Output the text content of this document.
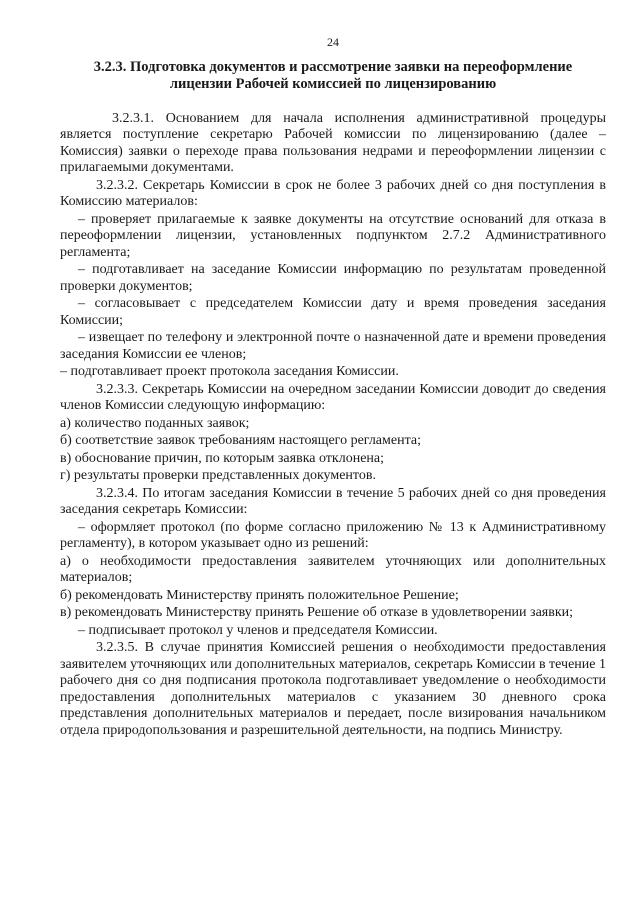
24
3.2.3. Подготовка документов и рассмотрение заявки на переоформление
лицензии Рабочей комиссией по лицензированию

3.2.3.1. Основанием для начала исполнения административной процедуры является поступление секретарю Рабочей комиссии по лицензированию (далее – Комиссия) заявки о переходе права пользования недрами и переоформлении лицензии с прилагаемыми документами.

3.2.3.2. Секретарь Комиссии в срок не более 3 рабочих дней со дня поступления в Комиссию материалов:

– проверяет прилагаемые к заявке документы на отсутствие оснований для отказа в переоформлении лицензии, установленных подпунктом 2.7.2 Административного регламента;

– подготавливает на заседание Комиссии информацию по результатам проведенной проверки документов;

– согласовывает с председателем Комиссии дату и время проведения заседания Комиссии;

– извещает по телефону и электронной почте о назначенной дате и времени проведения заседания Комиссии ее членов;

– подготавливает проект протокола заседания Комиссии.

3.2.3.3. Секретарь Комиссии на очередном заседании Комиссии доводит до сведения членов Комиссии следующую информацию:

а) количество поданных заявок;

б) соответствие заявок требованиям настоящего регламента;

в) обоснование причин, по которым заявка отклонена;

г) результаты проверки представленных документов.

3.2.3.4. По итогам заседания Комиссии в течение 5 рабочих дней со дня проведения заседания секретарь Комиссии:

– оформляет протокол (по форме согласно приложению № 13 к Административному регламенту), в котором указывает одно из решений:

а) о необходимости предоставления заявителем уточняющих или дополнительных материалов;

б) рекомендовать Министерству принять положительное Решение;

в) рекомендовать Министерству принять Решение об отказе в удовлетворении заявки;

– подписывает протокол у членов и председателя Комиссии.

3.2.3.5. В случае принятия Комиссией решения о необходимости предоставления заявителем уточняющих или дополнительных материалов, секретарь Комиссии в течение 1 рабочего дня со дня подписания протокола подготавливает уведомление о необходимости предоставления дополнительных материалов с указанием 30 дневного срока представления дополнительных материалов и передает, после визирования начальником отдела природопользования и разрешительной деятельности, на подпись Министру.
